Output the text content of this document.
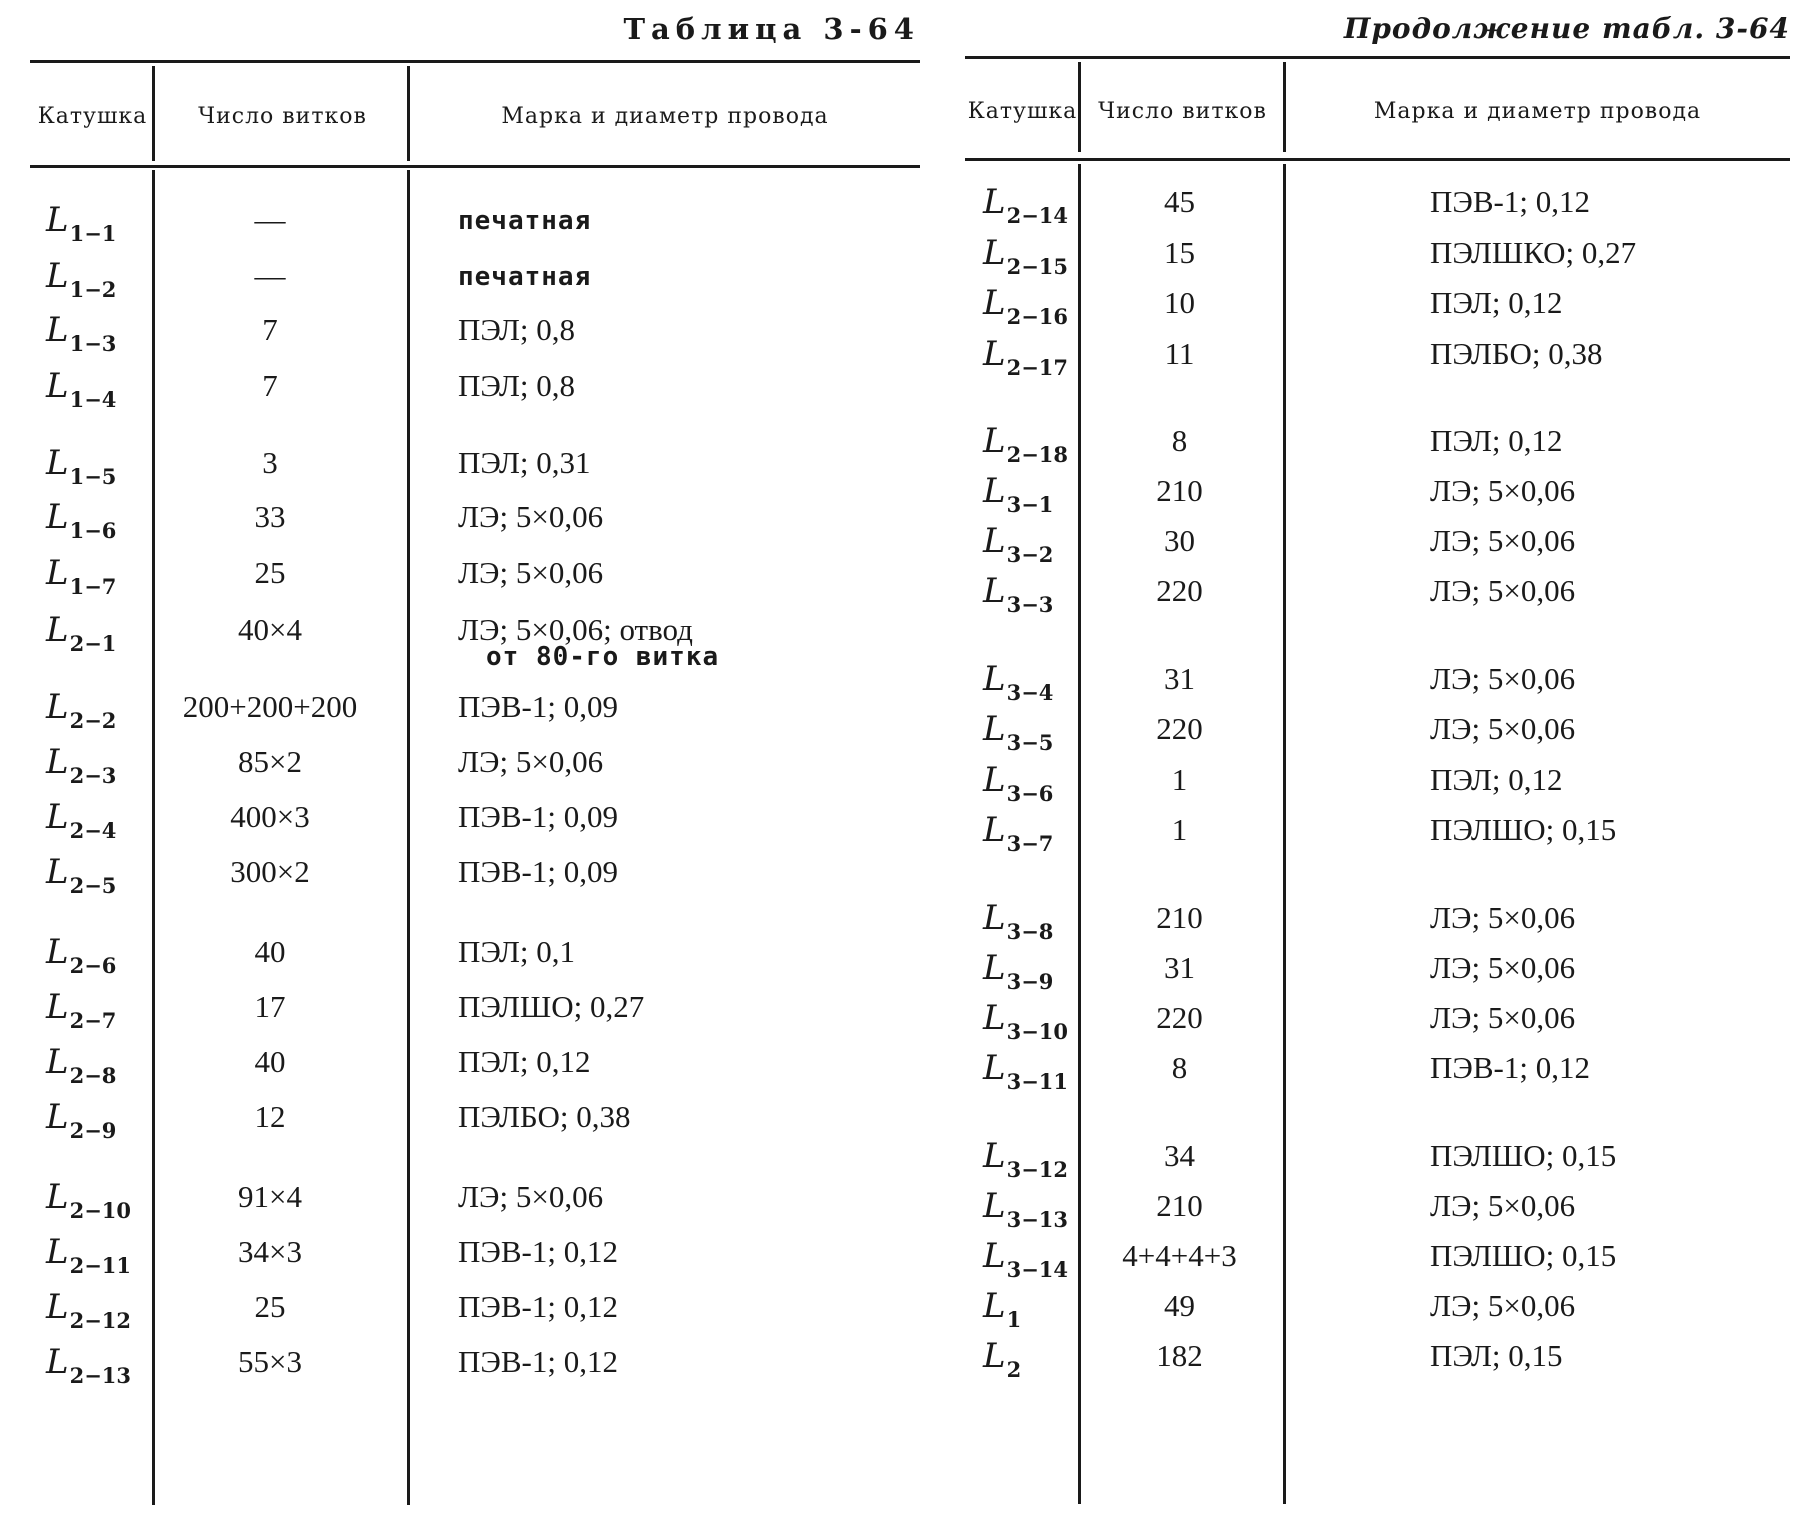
Таблица 3-64
Катушка	Число витков	Марка и диаметр провода
$L_{1-1}$	—	печатная
$L_{1-2}$	—	печатная
$L_{1-3}$	7	ПЭЛ; 0,8
$L_{1-4}$	7	ПЭЛ; 0,8
$L_{1-5}$	3	ПЭЛ; 0,31
$L_{1-6}$	33	ЛЭ; 5×0,06
$L_{1-7}$	25	ЛЭ; 5×0,06
$L_{2-1}$	40×4	ЛЭ; 5×0,06; отвод
от 80-го витка
$L_{2-2}$	200+200+200	ПЭВ-1; 0,09
$L_{2-3}$	85×2	ЛЭ; 5×0,06
$L_{2-4}$	400×3	ПЭВ-1; 0,09
$L_{2-5}$	300×2	ПЭВ-1; 0,09
$L_{2-6}$	40	ПЭЛ; 0,1
$L_{2-7}$	17	ПЭЛШО; 0,27
$L_{2-8}$	40	ПЭЛ; 0,12
$L_{2-9}$	12	ПЭЛБО; 0,38
$L_{2-10}$	91×4	ЛЭ; 5×0,06
$L_{2-11}$	34×3	ПЭВ-1; 0,12
$L_{2-12}$	25	ПЭВ-1; 0,12
$L_{2-13}$	55×3	ПЭВ-1; 0,12
Продолжение табл. 3-64
Катушка Число витков	Марка и диаметр провода
$L_{2-14}$	45	ПЭВ-1; 0,12
$L_{2-15}$	15	ПЭЛШКО; 0,27
$L_{2-16}$	10	ПЭЛ; 0,12
$L_{2-17}$	11	ПЭЛБО; 0,38
$L_{2-18}$	8	ПЭЛ; 0,12
$L_{3-1}$	210	ЛЭ; 5×0,06
$L_{3-2}$	30	ЛЭ; 5×0,06
$L_{3-3}$	220	ЛЭ; 5×0,06
$L_{3-4}$	31	ЛЭ; 5×0,06
$L_{3-5}$	220	ЛЭ; 5×0,06
$L_{3-6}$	1	ПЭЛ; 0,12
$L_{3-7}$	1	ПЭЛШО; 0,15
$L_{3-8}$	210	ЛЭ; 5×0,06
$L_{3-9}$	31	ЛЭ; 5×0,06
$L_{3-10}$	220	ЛЭ; 5×0,06
$L_{3-11}$	8	ПЭВ-1; 0,12
$L_{3-12}$	34	ПЭЛШО; 0,15
$L_{3-13}$	210	ЛЭ; 5×0,06
$L_{3-14}$	4+4+4+3	ПЭЛШО; 0,15
$L_1$	49	ЛЭ; 5×0,06
$L_2$	182	ПЭЛ; 0,15
